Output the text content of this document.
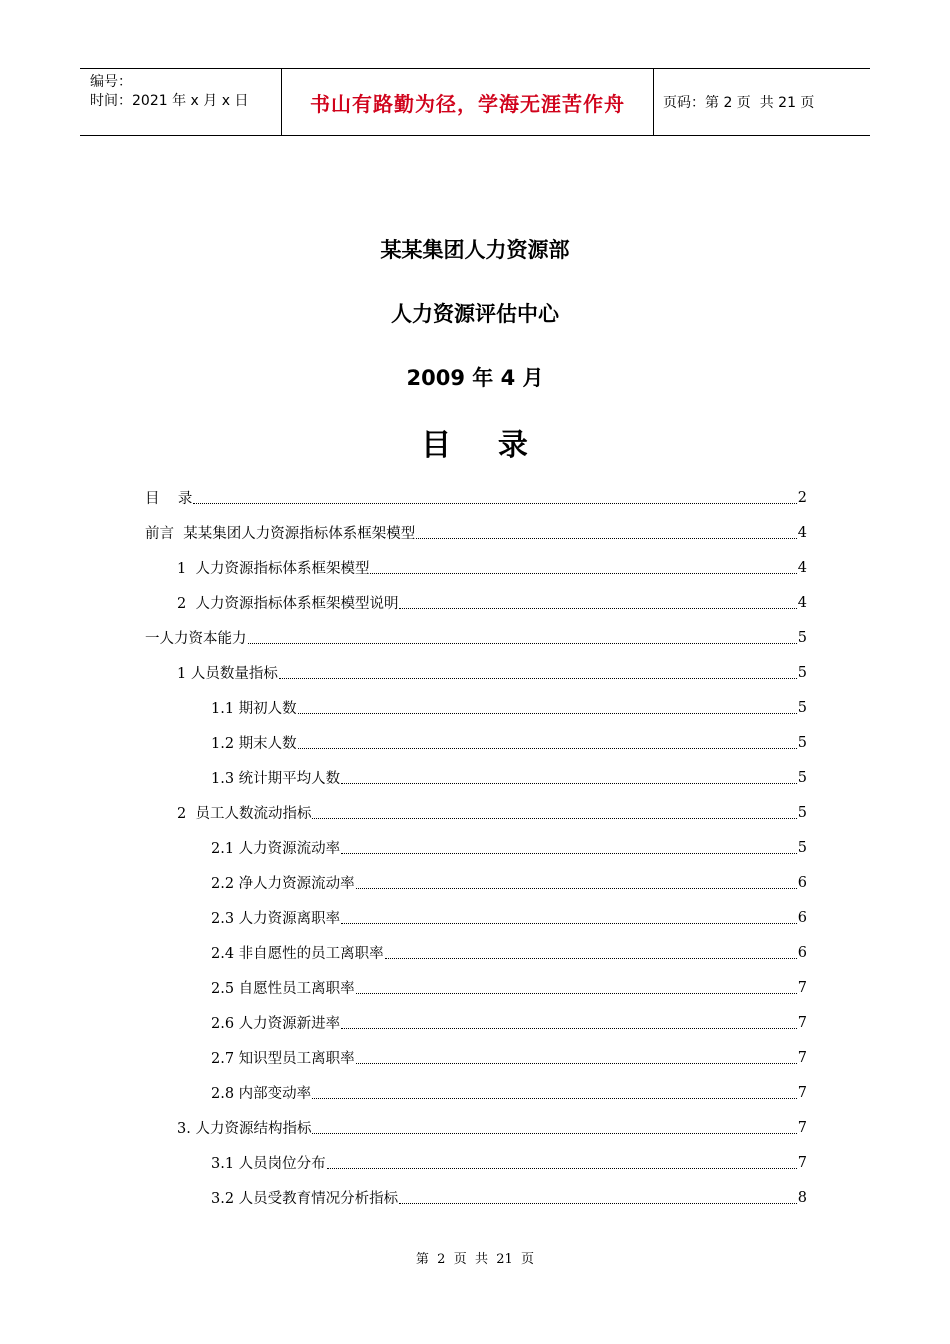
编号：
时间：2021 年 x 月 x 日	书山有路勤为径，学海无涯苦作舟	页码：第 2 页  共 21 页
某某集团人力资源部
人力资源评估中心
2009 年 4 月
目    录
目    录	2
前言  某某集团人力资源指标体系框架模型	4
1  人力资源指标体系框架模型	4
2  人力资源指标体系框架模型说明	4
一人力资本能力	5
1 人员数量指标	5
1.1 期初人数	5
1.2 期末人数	5
1.3 统计期平均人数	5
2  员工人数流动指标	5
2.1 人力资源流动率	5
2.2 净人力资源流动率	6
2.3 人力资源离职率	6
2.4 非自愿性的员工离职率	6
2.5 自愿性员工离职率	7
2.6 人力资源新进率	7
2.7 知识型员工离职率	7
2.8 内部变动率	7
3. 人力资源结构指标	7
3.1 人员岗位分布	7
3.2 人员受教育情况分析指标	8
第  2  页  共  21  页
